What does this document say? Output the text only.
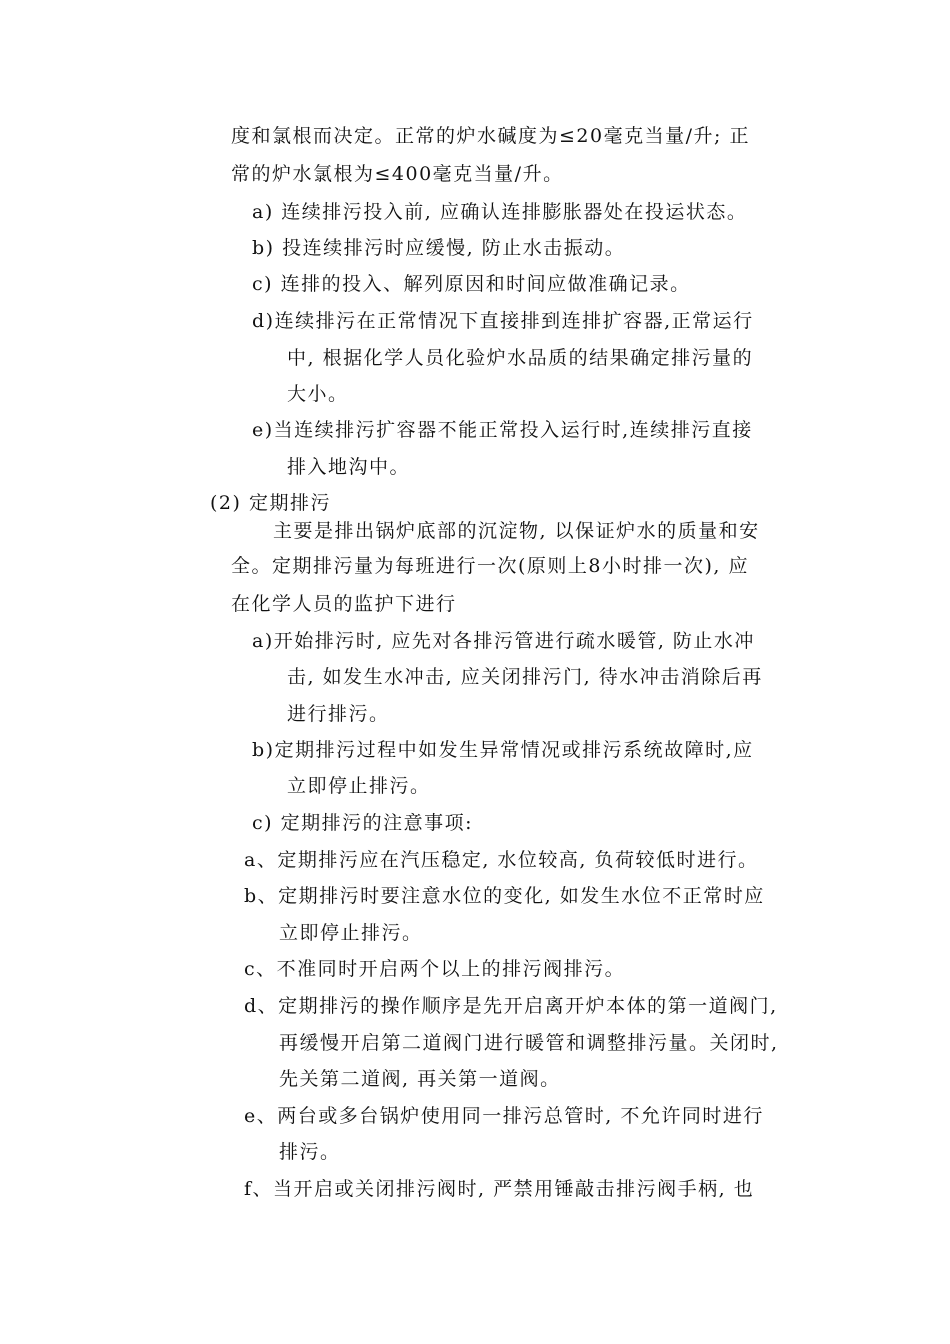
度和氯根而决定。正常的炉水碱度为≤20毫克当量/升; 正
常的炉水氯根为≤400毫克当量/升。
a) 连续排污投入前, 应确认连排膨胀器处在投运状态。
b) 投连续排污时应缓慢, 防止水击振动。
c) 连排的投入、解列原因和时间应做准确记录。
d)连续排污在正常情况下直接排到连排扩容器,正常运行
中, 根据化学人员化验炉水品质的结果确定排污量的
大小。
e)当连续排污扩容器不能正常投入运行时,连续排污直接
排入地沟中。
(2) 定期排污
主要是排出锅炉底部的沉淀物, 以保证炉水的质量和安
全。定期排污量为每班进行一次(原则上8小时排一次), 应
在化学人员的监护下进行
a)开始排污时, 应先对各排污管进行疏水暖管, 防止水冲
击, 如发生水冲击, 应关闭排污门, 待水冲击消除后再
进行排污。
b)定期排污过程中如发生异常情况或排污系统故障时,应
立即停止排污。
c) 定期排污的注意事项:
a、定期排污应在汽压稳定, 水位较高, 负荷较低时进行。
b、定期排污时要注意水位的变化, 如发生水位不正常时应
立即停止排污。
c、不准同时开启两个以上的排污阀排污。
d、定期排污的操作顺序是先开启离开炉本体的第一道阀门,
再缓慢开启第二道阀门进行暖管和调整排污量。关闭时,
先关第二道阀, 再关第一道阀。
e、两台或多台锅炉使用同一排污总管时, 不允许同时进行
排污。
f、当开启或关闭排污阀时, 严禁用锤敲击排污阀手柄, 也
